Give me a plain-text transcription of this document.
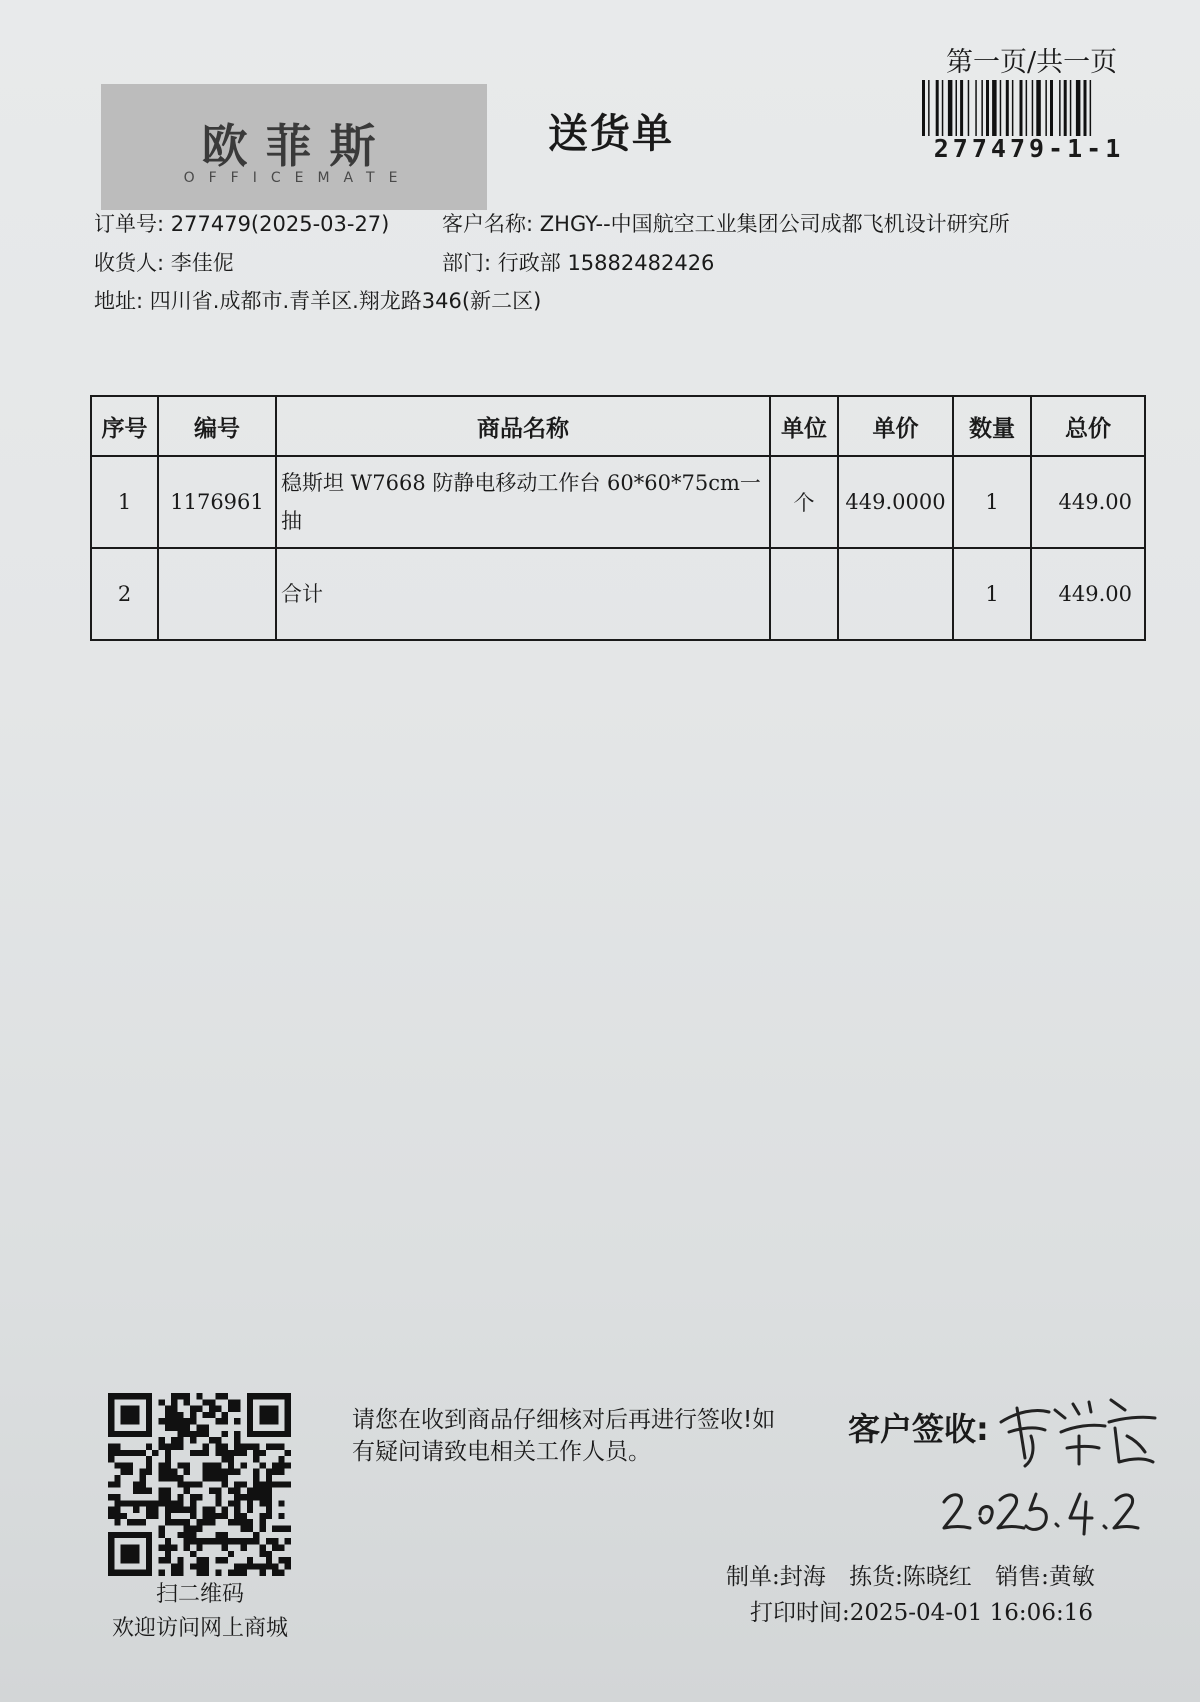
欧菲斯
OFFICEMATE
送货单
第一页/共一页
277479-1-1
订单号: 277479(2025-03-27)	客户名称: ZHGY--中国航空工业集团公司成都飞机设计研究所
收货人: 李佳伲	部门: 行政部 15882482426
地址: 四川省.成都市.青羊区.翔龙路346(新二区)
序号	编号	商品名称	单位	单价	数量	总价
1	1176961	稳斯坦 W7668 防静电移动工作台 60*60*75cm一抽	个	449.0000	1	449.00
2		合计			1	449.00
扫二维码
欢迎访问网上商城
请您在收到商品仔细核对后再进行签收!如有疑问请致电相关工作人员。
客户签收:
制单:封海 拣货:陈晓红 销售:黄敏
打印时间:2025-04-01 16:06:16
